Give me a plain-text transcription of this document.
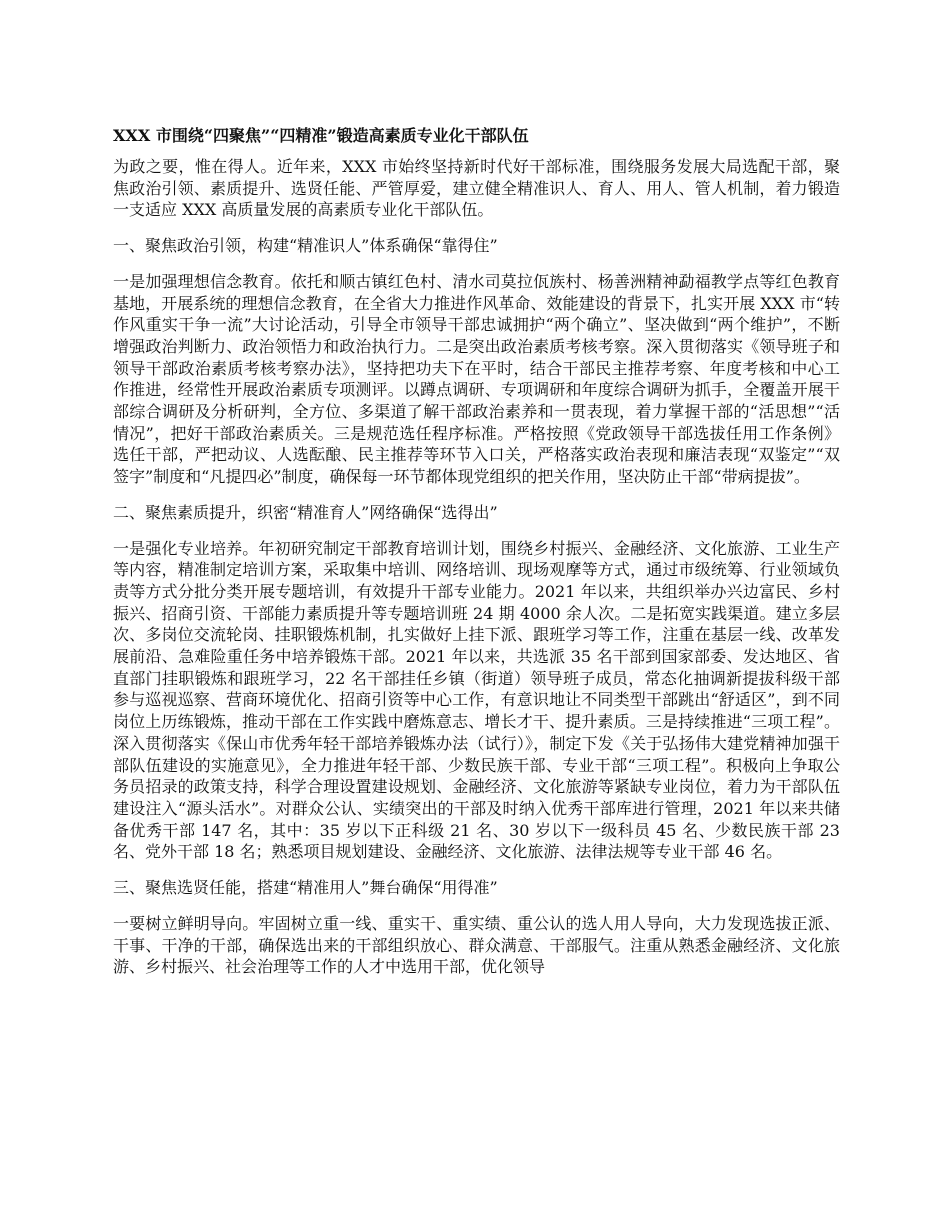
XXX 市围绕“四聚焦”“四精准”锻造高素质专业化干部队伍

为政之要，惟在得人。近年来，XXX 市始终坚持新时代好干部标准，围绕服务发展大局选配干部，聚焦政治引领、素质提升、选贤任能、严管厚爱，建立健全精准识人、育人、用人、管人机制，着力锻造一支适应 XXX 高质量发展的高素质专业化干部队伍。

一、聚焦政治引领，构建“精准识人”体系确保“靠得住”

一是加强理想信念教育。依托和顺古镇红色村、清水司莫拉佤族村、杨善洲精神勐福教学点等红色教育基地，开展系统的理想信念教育，在全省大力推进作风革命、效能建设的背景下，扎实开展 XXX 市“转作风重实干争一流”大讨论活动，引导全市领导干部忠诚拥护“两个确立”、坚决做到“两个维护”，不断增强政治判断力、政治领悟力和政治执行力。二是突出政治素质考核考察。深入贯彻落实《领导班子和领导干部政治素质考核考察办法》，坚持把功夫下在平时，结合干部民主推荐考察、年度考核和中心工作推进，经常性开展政治素质专项测评。以蹲点调研、专项调研和年度综合调研为抓手，全覆盖开展干部综合调研及分析研判，全方位、多渠道了解干部政治素养和一贯表现，着力掌握干部的“活思想”“活情况”，把好干部政治素质关。三是规范选任程序标准。严格按照《党政领导干部选拔任用工作条例》选任干部，严把动议、人选酝酿、民主推荐等环节入口关，严格落实政治表现和廉洁表现“双鉴定”“双签字”制度和“凡提四必”制度，确保每一环节都体现党组织的把关作用，坚决防止干部“带病提拔”。

二、聚焦素质提升，织密“精准育人”网络确保“选得出”

一是强化专业培养。年初研究制定干部教育培训计划，围绕乡村振兴、金融经济、文化旅游、工业生产等内容，精准制定培训方案，采取集中培训、网络培训、现场观摩等方式，通过市级统筹、行业领域负责等方式分批分类开展专题培训，有效提升干部专业能力。2021 年以来，共组织举办兴边富民、乡村振兴、招商引资、干部能力素质提升等专题培训班 24 期 4000 余人次。二是拓宽实践渠道。建立多层次、多岗位交流轮岗、挂职锻炼机制，扎实做好上挂下派、跟班学习等工作，注重在基层一线、改革发展前沿、急难险重任务中培养锻炼干部。2021 年以来，共选派 35 名干部到国家部委、发达地区、省直部门挂职锻炼和跟班学习，22 名干部挂任乡镇（街道）领导班子成员，常态化抽调新提拔科级干部参与巡视巡察、营商环境优化、招商引资等中心工作，有意识地让不同类型干部跳出“舒适区”，到不同岗位上历练锻炼，推动干部在工作实践中磨炼意志、增长才干、提升素质。三是持续推进“三项工程”。深入贯彻落实《保山市优秀年轻干部培养锻炼办法（试行）》，制定下发《关于弘扬伟大建党精神加强干部队伍建设的实施意见》，全力推进年轻干部、少数民族干部、专业干部“三项工程”。积极向上争取公务员招录的政策支持，科学合理设置建设规划、金融经济、文化旅游等紧缺专业岗位，着力为干部队伍建设注入“源头活水”。对群众公认、实绩突出的干部及时纳入优秀干部库进行管理，2021 年以来共储备优秀干部 147 名，其中：35 岁以下正科级 21 名、30 岁以下一级科员 45 名、少数民族干部 23 名、党外干部 18 名；熟悉项目规划建设、金融经济、文化旅游、法律法规等专业干部 46 名。

三、聚焦选贤任能，搭建“精准用人”舞台确保“用得准”

一要树立鲜明导向。牢固树立重一线、重实干、重实绩、重公认的选人用人导向，大力发现选拔正派、干事、干净的干部，确保选出来的干部组织放心、群众满意、干部服气。注重从熟悉金融经济、文化旅游、乡村振兴、社会治理等工作的人才中选用干部，优化领导
